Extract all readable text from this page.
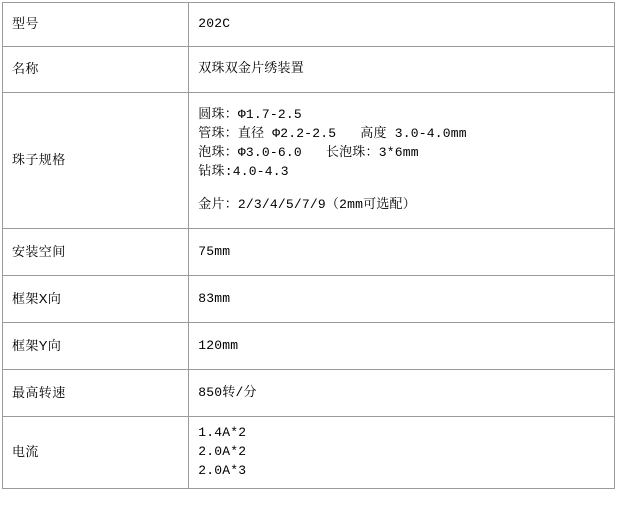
型号	202C

名称	双珠双金片绣装置

珠子规格	圆珠：Φ1.7-2.5
管珠：直径 Φ2.2-2.5   高度 3.0-4.0mm
泡珠：Φ3.0-6.0   长泡珠：3*6mm
钻珠:4.0-4.3
金片：2/3/4/5/7/9（2mm可选配）

安装空间	75mm

框架X向	83mm

框架Y向	120mm

最高转速	850转/分

电流	1.4A*2
2.0A*2
2.0A*3
